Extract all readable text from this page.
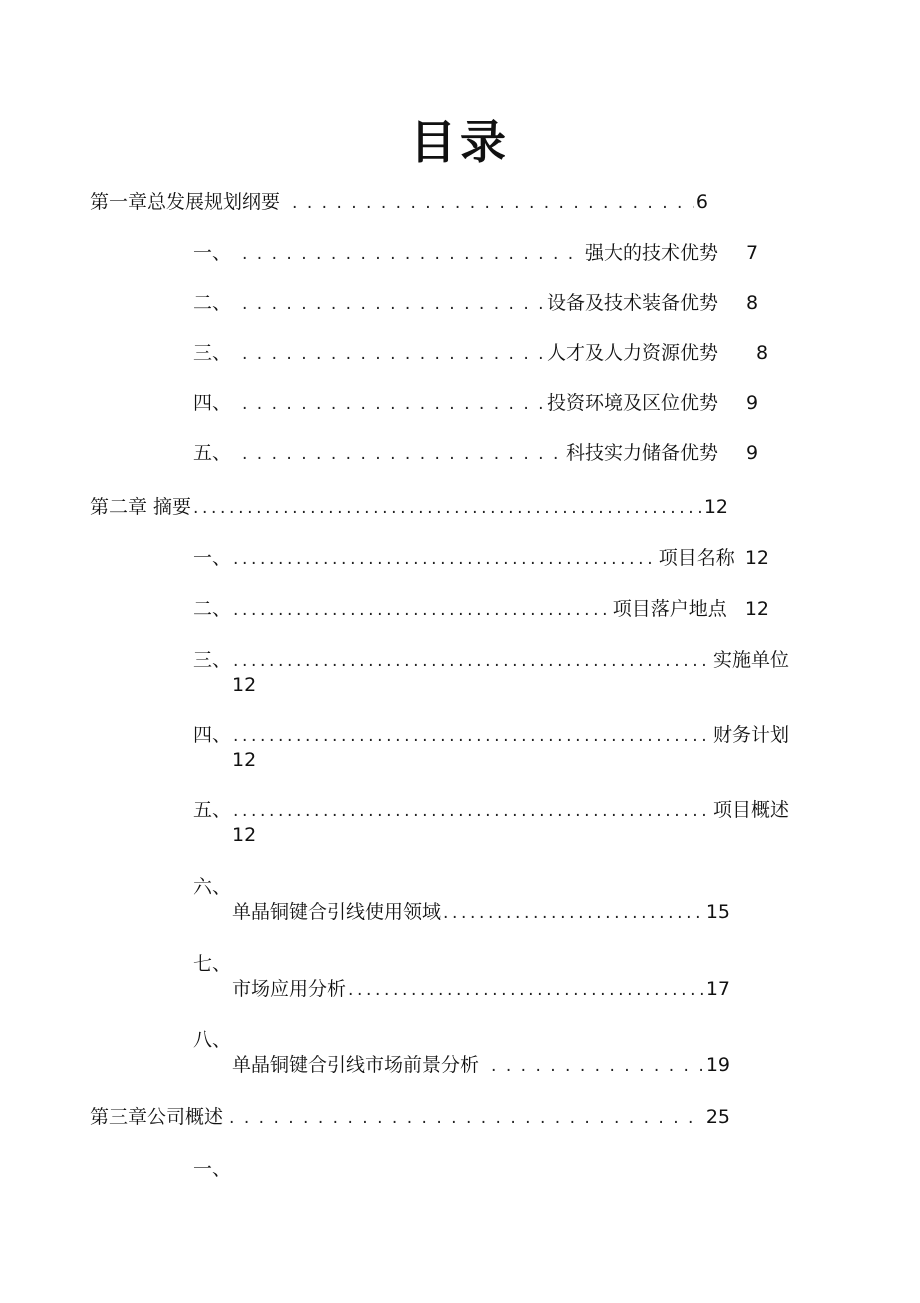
目录
第一章总发展规划纲要 . . .	6
一、 . . .	强大的技术优势 7
二、 . . .	设备及技术装备优势 8
三、 . . .	人才及人力资源优势 8
四、 . . .	投资环境及区位优势 9
五、 . . .	科技实力储备优势 9
第二章 摘要 .....	12
一、 .....	项目名称 12
二、 .....	项目落户地点 12
三、 .....	实施单位
12
四、 .....	财务计划
12
五、 .....	项目概述
12
六、
单晶铜键合引线使用领域 .....	15
七、
市场应用分析 .....	17
八、
单晶铜键合引线市场前景分析 . . .	19
第三章公司概述 . . .	25
一、
